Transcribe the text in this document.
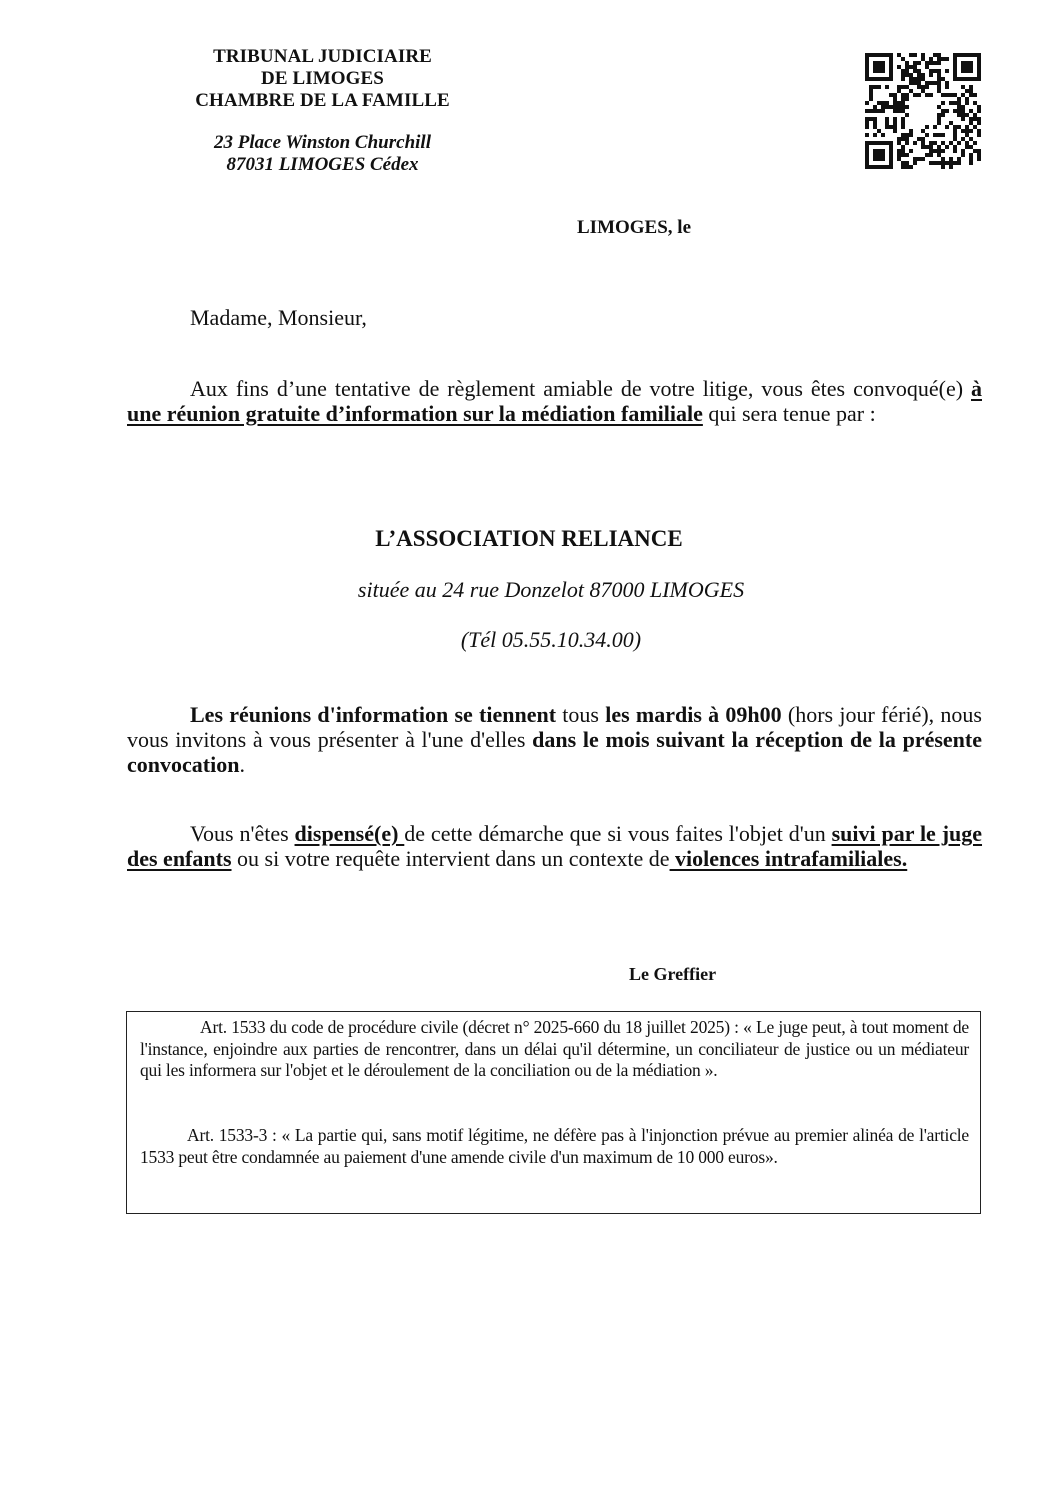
TRIBUNAL JUDICIAIRE
DE LIMOGES
CHAMBRE DE LA FAMILLE
23 Place Winston Churchill
87031 LIMOGES Cédex
LIMOGES, le
Madame, Monsieur,
Aux fins d’une tentative de règlement amiable de votre litige, vous êtes convoqué(e) à une réunion gratuite d’information sur la médiation familiale qui sera tenue par :
L’ASSOCIATION RELIANCE
située au 24 rue Donzelot 87000 LIMOGES
(Tél 05.55.10.34.00)
Les réunions d'information se tiennent tous les mardis à 09h00 (hors jour férié), nous vous invitons à vous présenter à l'une d'elles dans le mois suivant la réception de la présente convocation.
Vous n'êtes dispensé(e) de cette démarche que si vous faites l'objet d'un suivi par le juge des enfants ou si votre requête intervient dans un contexte de violences intrafamiliales.
Le Greffier
Art. 1533 du code de procédure civile (décret n° 2025-660 du 18 juillet 2025) : « Le juge peut, à tout moment de l'instance, enjoindre aux parties de rencontrer, dans un délai qu'il détermine, un conciliateur de justice ou un médiateur qui les informera sur l'objet et le déroulement de la conciliation ou de la médiation ».
Art. 1533-3 : « La partie qui, sans motif légitime, ne défère pas à l'injonction prévue au premier alinéa de l'article 1533 peut être condamnée au paiement d'une amende civile d'un maximum de 10 000 euros».
